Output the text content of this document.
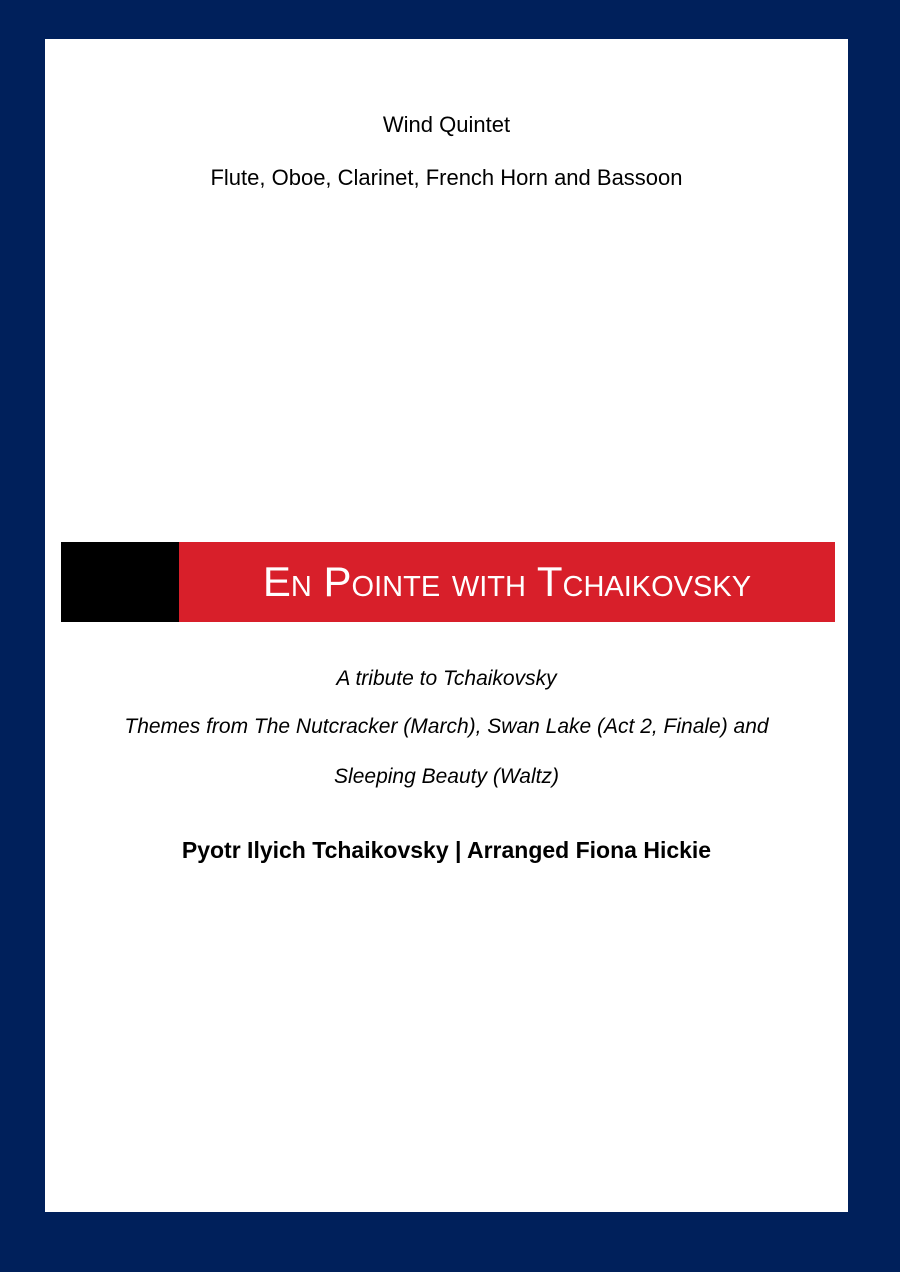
Wind Quintet
Flute, Oboe, Clarinet, French Horn and Bassoon
En Pointe with Tchaikovsky
A tribute to Tchaikovsky
Themes from The Nutcracker (March), Swan Lake (Act 2, Finale) and
Sleeping Beauty (Waltz)
Pyotr Ilyich Tchaikovsky | Arranged Fiona Hickie
